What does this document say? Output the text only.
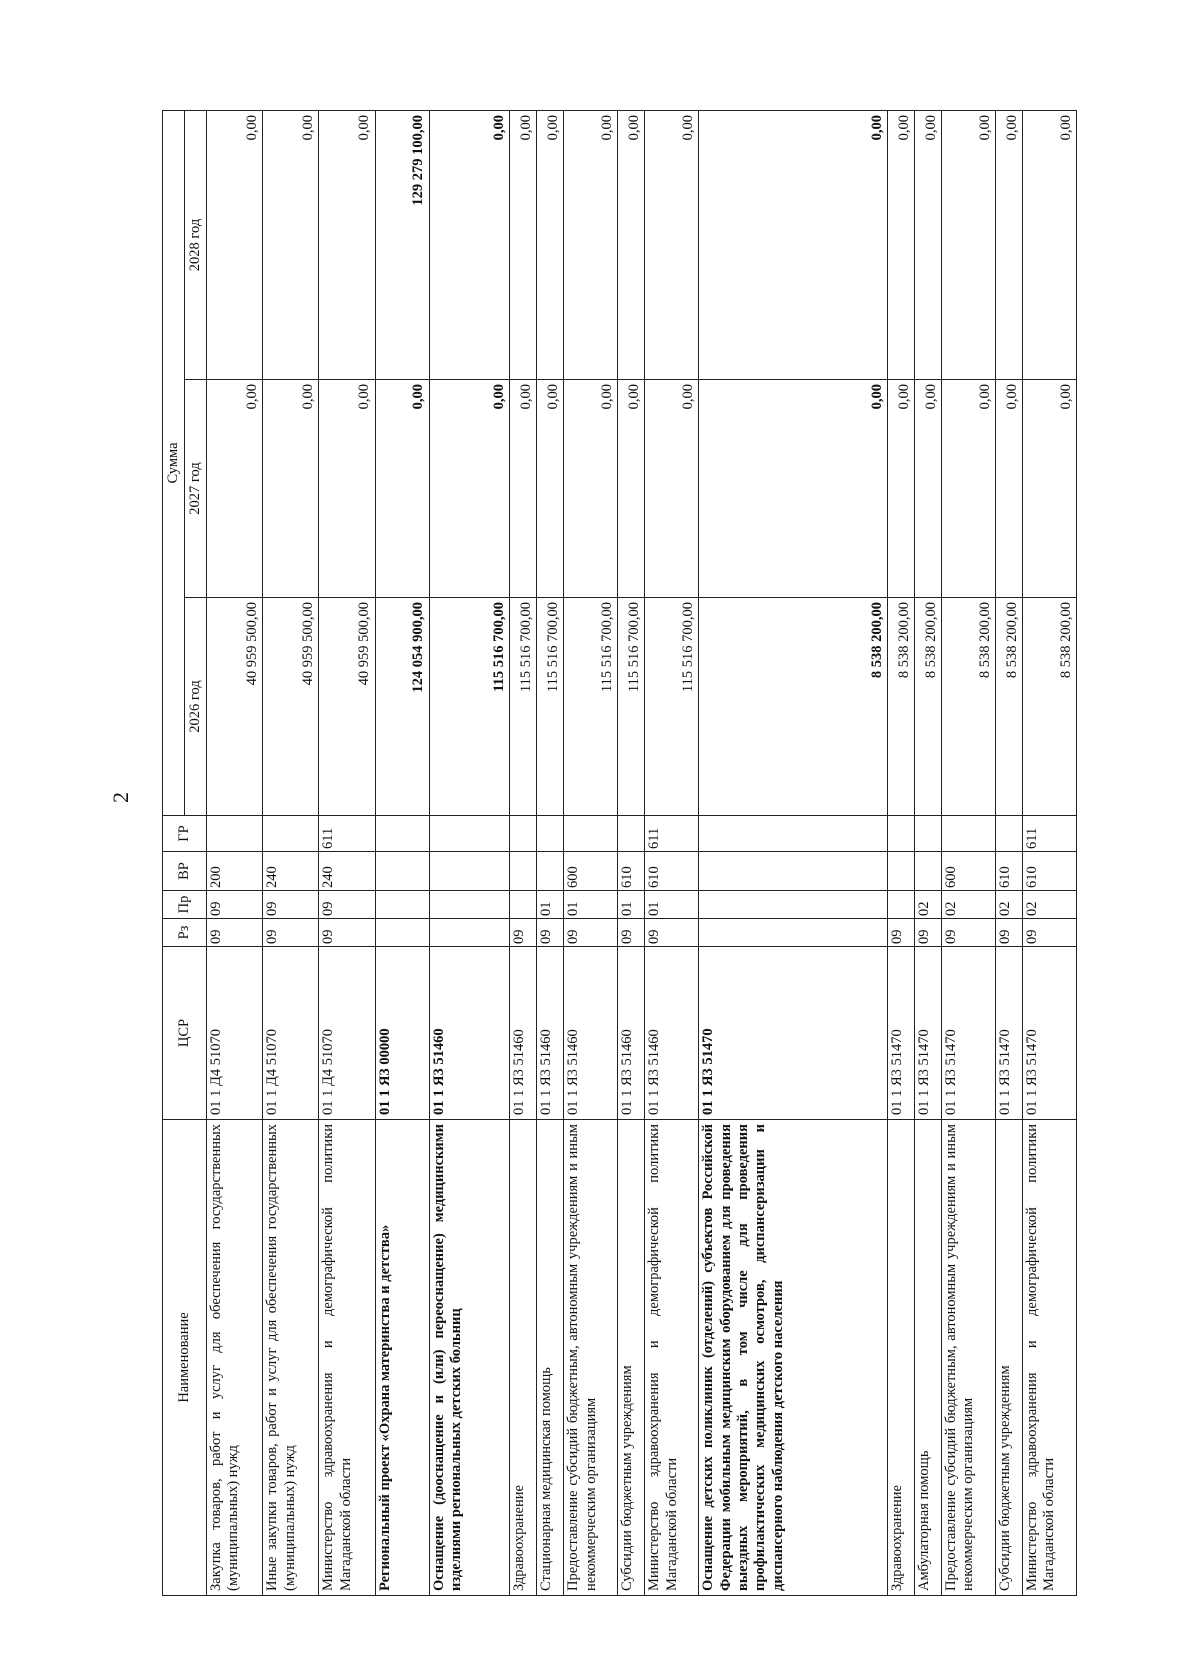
2
Наименование	ЦСР	Рз	Пр	ВР	ГР	Сумма		
						2026 год	2027 год	2028 год
Закупка товаров, работ и услуг для обеспечения государственных (муниципальных) нужд	01 1 Д4 51070	09	09	200		40 959 500,00	0,00	0,00
Иные закупки товаров, работ и услуг для обеспечения государственных (муниципальных) нужд	01 1 Д4 51070	09	09	240		40 959 500,00	0,00	0,00
Министерство здравоохранения и демографической политики Магаданской области	01 1 Д4 51070	09	09	240	611	40 959 500,00	0,00	0,00
Региональный проект «Охрана материнства и детства»	01 1 Я3 00000					124 054 900,00	0,00	129 279 100,00
Оснащение (дооснащение и (или) переоснащение) медицинскими изделиями региональных детских больниц	01 1 Я3 51460					115 516 700,00	0,00	0,00
Здравоохранение	01 1 Я3 51460	09				115 516 700,00	0,00	0,00
Стационарная медицинская помощь	01 1 Я3 51460	09	01			115 516 700,00	0,00	0,00
Предоставление субсидий бюджетным, автономным учреждениям и иным некоммерческим организациям	01 1 Я3 51460	09	01	600		115 516 700,00	0,00	0,00
Субсидии бюджетным учреждениям	01 1 Я3 51460	09	01	610		115 516 700,00	0,00	0,00
Министерство здравоохранения и демографической политики Магаданской области	01 1 Я3 51460	09	01	610	611	115 516 700,00	0,00	0,00
Оснащение детских поликлиник (отделений) субъектов Российской Федерации мобильным медицинским оборудованием для проведения выездных мероприятий, в том числе для проведения профилактических медицинских осмотров, диспансеризации и диспансерного наблюдения детского населения	01 1 Я3 51470					8 538 200,00	0,00	0,00
Здравоохранение	01 1 Я3 51470	09				8 538 200,00	0,00	0,00
Амбулаторная помощь	01 1 Я3 51470	09	02			8 538 200,00	0,00	0,00
Предоставление субсидий бюджетным, автономным учреждениям и иным некоммерческим организациям	01 1 Я3 51470	09	02	600		8 538 200,00	0,00	0,00
Субсидии бюджетным учреждениям	01 1 Я3 51470	09	02	610		8 538 200,00	0,00	0,00
Министерство здравоохранения и демографической политики Магаданской области	01 1 Я3 51470	09	02	610	611	8 538 200,00	0,00	0,00
